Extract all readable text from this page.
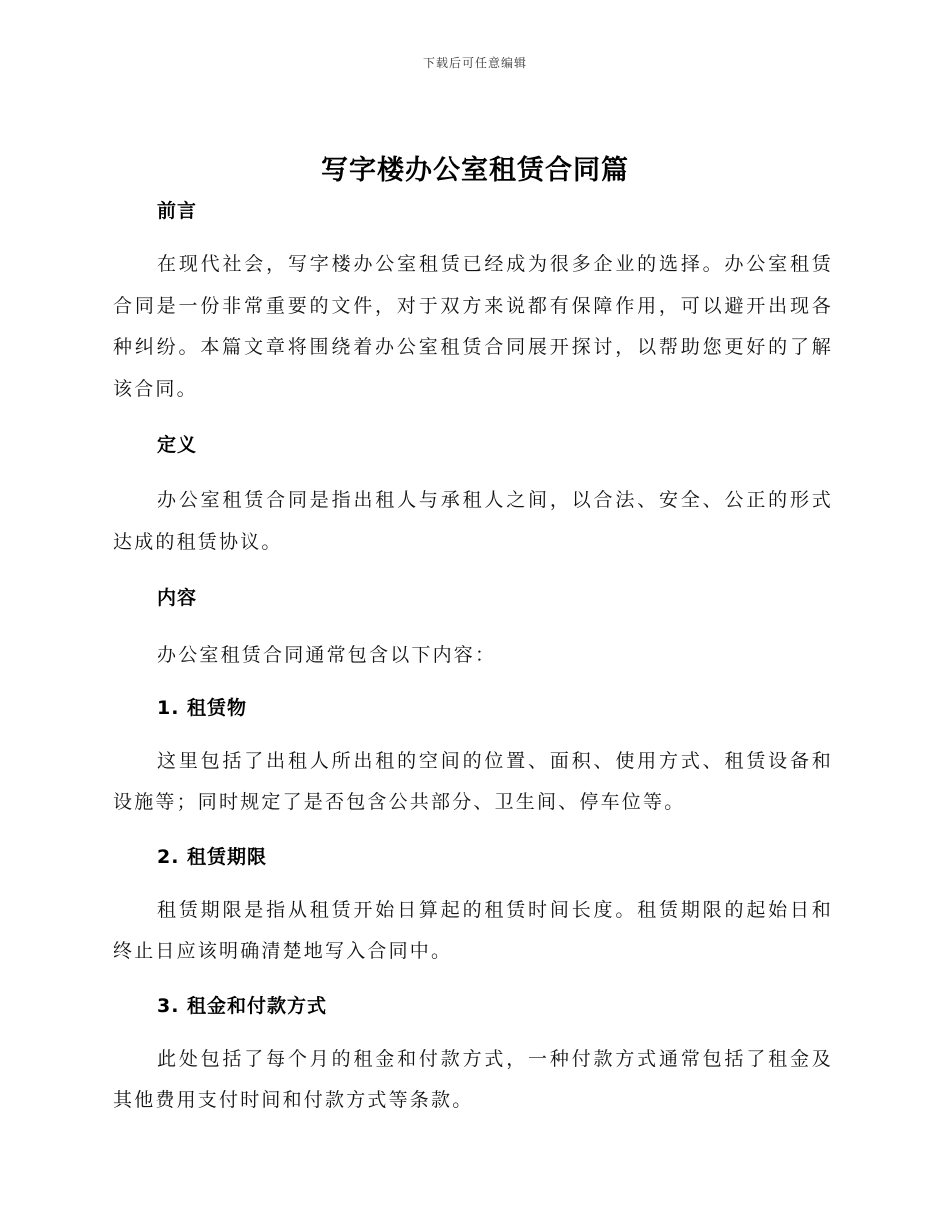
下载后可任意编辑
写字楼办公室租赁合同篇
前言

在现代社会，写字楼办公室租赁已经成为很多企业的选择。办公室租赁合同是一份非常重要的文件，对于双方来说都有保障作用，可以避开出现各种纠纷。本篇文章将围绕着办公室租赁合同展开探讨，以帮助您更好的了解该合同。

定义

办公室租赁合同是指出租人与承租人之间，以合法、安全、公正的形式达成的租赁协议。

内容

办公室租赁合同通常包含以下内容：

1. 租赁物

这里包括了出租人所出租的空间的位置、面积、使用方式、租赁设备和设施等；同时规定了是否包含公共部分、卫生间、停车位等。

2. 租赁期限

租赁期限是指从租赁开始日算起的租赁时间长度。租赁期限的起始日和终止日应该明确清楚地写入合同中。

3. 租金和付款方式

此处包括了每个月的租金和付款方式，一种付款方式通常包括了租金及其他费用支付时间和付款方式等条款。
